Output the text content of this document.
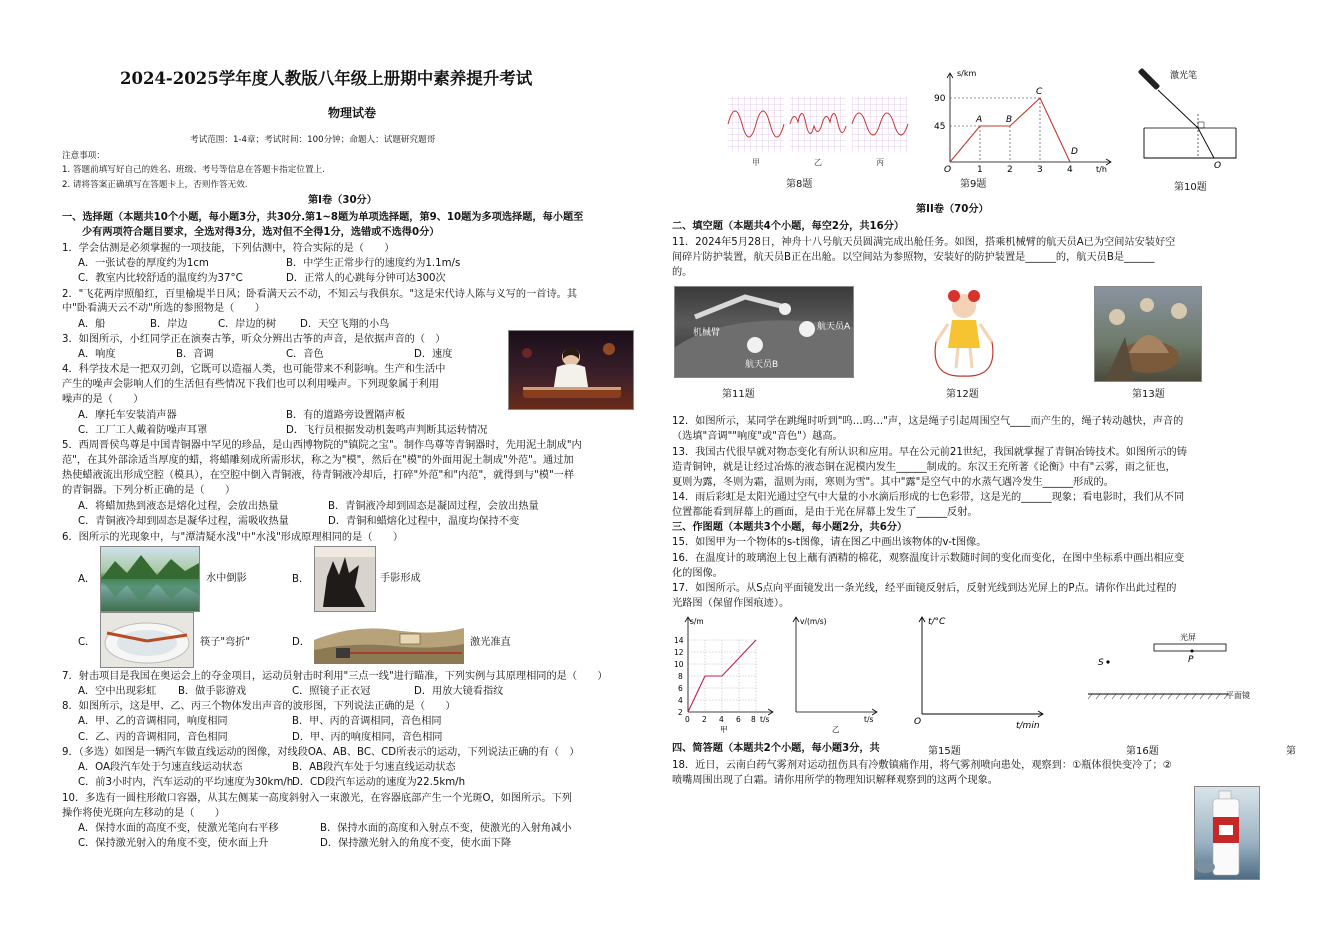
2024-2025学年度人教版八年级上册期中素养提升考试
物理试卷
考试范围：1-4章；考试时间：100分钟；命题人：试题研究题哥
注意事项：
1. 答题前填写好自己的姓名、班级、考号等信息在答题卡指定位置上.
2. 请将答案正确填写在答题卡上，否则作答无效.
第Ⅰ卷（30分）
一、选择题（本题共10个小题，每小题3分，共30分.第1~8题为单项选择题，第9、10题为多项选择题，每小题至
少有两项符合题目要求，全选对得3分，选对但不全得1分，选错或不选得0分）
1．学会估测是必须掌握的一项技能，下列估测中，符合实际的是（　　）
A．一张试卷的厚度约为1cm	B．中学生正常步行的速度约为1.1m/s
C．教室内比较舒适的温度约为37°C	D．正常人的心跳每分钟可达300次
2．"飞花两岸照船红，百里榆堤半日风；卧看满天云不动，不知云与我俱东。"这是宋代诗人陈与义写的一首诗。其
中"卧看满天云不动"所选的参照物是（　　）
A．船	B．岸边	C．岸边的树 D．天空飞翔的小鸟
3．如图所示，小红同学正在演奏古筝，听众分辨出古筝的声音，是依据声音的（　）
A．响度	B．音调	C．音色	D．速度
4．科学技术是一把双刃剑，它既可以造福人类，也可能带来不利影响。生产和生活中
产生的噪声会影响人们的生活但有些情况下我们也可以利用噪声。下列现象属于利用
噪声的是（　　）
A．摩托车安装消声器	B．有的道路旁设置隔声板
C．工厂工人戴着防噪声耳罩	D．飞行员根据发动机轰鸣声判断其运转情况
5．西周晋侯鸟尊是中国青铜器中罕见的珍品，是山西博物院的"镇院之宝"。制作鸟尊等青铜器时，先用泥土制成"内
范"，在其外部涂适当厚度的蜡，将蜡雕刻成所需形状，称之为"模"，然后在"模"的外面用泥土制成"外范"。通过加
热使蜡液流出形成空腔（模具），在空腔中倒入青铜液，待青铜液冷却后，打碎"外范"和"内范"，就得到与"模"一样
的青铜器。下列分析正确的是（　　）
A．将蜡加热到液态是熔化过程，会放出热量	B．青铜液冷却到固态是凝固过程，会放出热量
C．青铜液冷却到固态是凝华过程，需吸收热量	D．青铜和蜡熔化过程中，温度均保持不变
6．图所示的光现象中，与"潭清疑水浅"中"水浅"形成原理相同的是（　　）
A．	水中倒影	B．	手影形成
C．	筷子"弯折"	D．	激光准直
7．射击项目是我国在奥运会上的夺金项目，运动员射击时利用"三点一线"进行瞄准，下列实例与其原理相同的是（　　）
A．空中出现彩虹 B．做手影游戏	C．照镜子正衣冠	D．用放大镜看指纹
8．如图所示，这是甲、乙、丙三个物体发出声音的波形图，下列说法正确的是（　　）
A．甲、乙的音调相同，响度相同	B．甲、丙的音调相同，音色相同
C．乙、丙的音调相同，音色相同	D．甲、丙的响度相同，音色相同
9．（多选）如图是一辆汽车做直线运动的图像，对线段OA、AB、BC、CD所表示的运动，下列说法正确的有（　）
A．OA段汽车处于匀速直线运动状态	B．AB段汽车处于匀速直线运动状态
C．前3小时内，汽车运动的平均速度为30km/h
D．CD段汽车运动的速度为22.5km/h
10．多选有一圆柱形敞口容器，从其左侧某一高度斜射入一束激光，在容器底部产生一个光斑O，如图所示。下列
操作将使光斑向左移动的是（　　）
A．保持水面的高度不变，使激光笔向右平移	B．保持水面的高度和入射点不变，使激光的入射角减小
C．保持激光射入的角度不变，使水面上升	D．保持激光射入的角度不变，使水面下降
甲	乙	丙
第8题
s/km
t/h
90
45
O	1	2	3	4
A	B
C
D
第9题
激光笔
O
第10题
第II卷（70分）
二、填空题（本题共4个小题，每空2分，共16分）
11．2024年5月28日，神舟十八号航天员圆满完成出舱任务。如图，搭乘机械臂的航天员A已为空间站安装好空
间碎片防护装置，航天员B正在出舱。以空间站为参照物，安装好的防护装置是______的，航天员B是______
的。
机械臂
航天员A
航天员B
第11题	第12题	第13题
12．如图所示，某同学在跳绳时听到"呜…呜…"声，这是绳子引起周围空气____而产生的，绳子转动越快，声音的
（选填"音调""响度"或"音色"）越高。
13．我国古代很早就对物态变化有所认识和应用。早在公元前21世纪，我国就掌握了青铜冶铸技术。如图所示的铸
造青铜钟，就是让经过冶炼的液态铜在泥模内发生______制成的。东汉王充所著《论衡》中有"云雾，雨之征也，
夏则为露，冬则为霜，温则为雨，寒则为雪"。其中"露"是空气中的水蒸气遇冷发生______形成的。
14．雨后彩虹是太阳光通过空气中大量的小水滴后形成的七色彩带，这是光的______现象；看电影时，我们从不同
位置都能看到屏幕上的画面，是由于光在屏幕上发生了______反射。
三、作图题（本题共3个小题，每小题2分，共6分）
15．如图甲为一个物体的s-t图像，请在图乙中画出该物体的v-t图像。
16．在温度计的玻璃泡上包上蘸有酒精的棉花，观察温度计示数随时间的变化而变化，在图中坐标系中画出相应变
化的图像。
17．如图所示。从S点向平面镜发出一条光线，经平面镜反射后，反射光线到达光屏上的P点。请你作出此过程的
光路图（保留作图痕迹）。
s/m
t/s
14
12
10
8
6
4
2
0 2 4 6 8
甲
v/(m/s)
t/s
乙
t/°C
t/min
O
光屏
P
S
平面镜
四、简答题（本题共2个小题，每小题3分，共	第15题	第16题	第
18．近日，云南白药气雾剂对运动扭伤具有冷敷镇痛作用，将气雾剂喷向患处，观察到：①瓶体很快变冷了；②
喷嘴周围出现了白霜。请你用所学的物理知识解释观察到的这两个现象。
